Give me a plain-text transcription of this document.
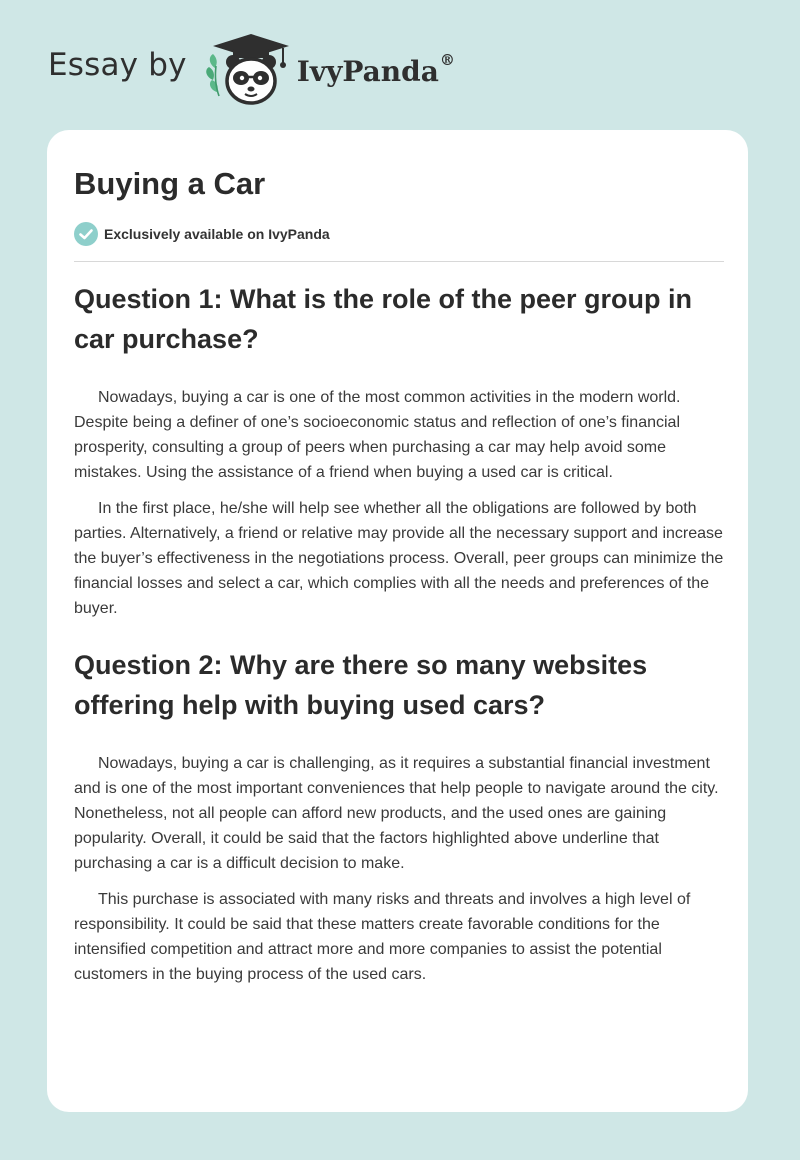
Essay by	IvyPanda®
Buying a Car
Exclusively available on IvyPanda
Question 1: What is the role of the peer group in car purchase?

Nowadays, buying a car is one of the most common activities in the modern world. Despite being a definer of one’s socioeconomic status and reflection of one’s financial prosperity, consulting a group of peers when purchasing a car may help avoid some mistakes. Using the assistance of a friend when buying a used car is critical.

In the first place, he/she will help see whether all the obligations are followed by both parties. Alternatively, a friend or relative may provide all the necessary support and increase the buyer’s effectiveness in the negotiations process. Overall, peer groups can minimize the financial losses and select a car, which complies with all the needs and preferences of the buyer.

Question 2: Why are there so many websites offering help with buying used cars?

Nowadays, buying a car is challenging, as it requires a substantial financial investment and is one of the most important conveniences that help people to navigate around the city. Nonetheless, not all people can afford new products, and the used ones are gaining popularity. Overall, it could be said that the factors highlighted above underline that purchasing a car is a difficult decision to make.

This purchase is associated with many risks and threats and involves a high level of responsibility. It could be said that these matters create favorable conditions for the intensified competition and attract more and more companies to assist the potential customers in the buying process of the used cars.
